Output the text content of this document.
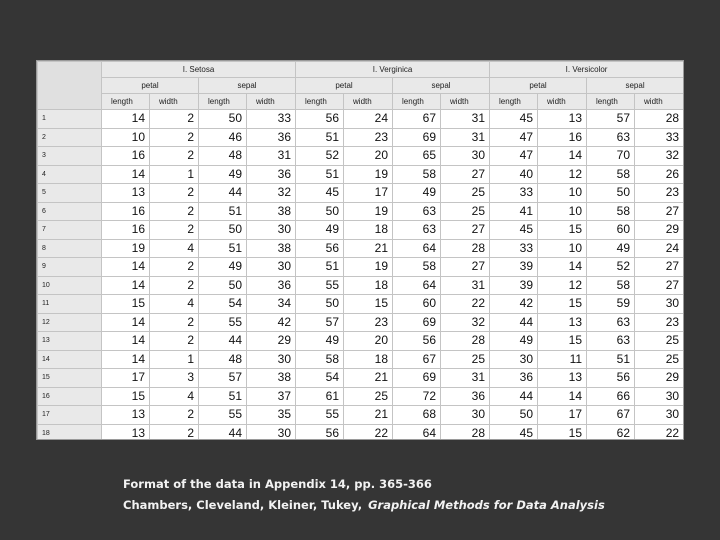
	I. Setosa				I. Verginica				I. Versicolor			
	petal		sepal		petal		sepal		petal		sepal	
	length	width	length	width	length	width	length	width	length	width	length	width
1	14	2	50	33	56	24	67	31	45	13	57	28
2	10	2	46	36	51	23	69	31	47	16	63	33
3	16	2	48	31	52	20	65	30	47	14	70	32
4	14	1	49	36	51	19	58	27	40	12	58	26
5	13	2	44	32	45	17	49	25	33	10	50	23
6	16	2	51	38	50	19	63	25	41	10	58	27
7	16	2	50	30	49	18	63	27	45	15	60	29
8	19	4	51	38	56	21	64	28	33	10	49	24
9	14	2	49	30	51	19	58	27	39	14	52	27
10	14	2	50	36	55	18	64	31	39	12	58	27
11	15	4	54	34	50	15	60	22	42	15	59	30
12	14	2	55	42	57	23	69	32	44	13	63	23
13	14	2	44	29	49	20	56	28	49	15	63	25
14	14	1	48	30	58	18	67	25	30	11	51	25
15	17	3	57	38	54	21	69	31	36	13	56	29
16	15	4	51	37	61	25	72	36	44	14	66	30
17	13	2	55	35	55	21	68	30	50	17	67	30
18	13	2	44	30	56	22	64	28	45	15	62	22

Format of the data in Appendix 14, pp. 365-366
Chambers, Cleveland, Kleiner, Tukey, Graphical Methods for Data Analysis
